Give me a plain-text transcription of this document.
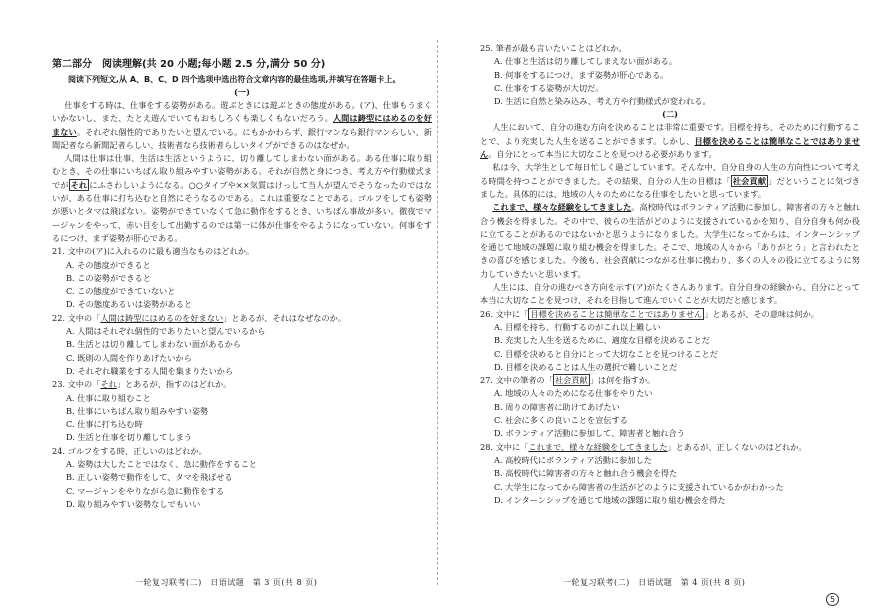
第二部分　阅读理解(共 20 小题;每小题 2.5 分,满分 50 分)
阅读下列短文,从 A、B、C、D 四个选项中选出符合文章内容的最佳选项,并填写在答题卡上。
(一)
仕事をする時は、仕事をする姿勢がある。遊ぶときには遊ぶときの態度がある。(ア)、仕事もうまくいかないし、また、たとえ遊んでいてもおもしろくも楽しくもないだろう。人間は鋳型にはめるのを好まない。それぞれ個性的でありたいと望んでいる。にもかかわらず、銀行マンなら銀行マンらしい、新聞記者なら新聞記者らしい、技術者なら技術者らしいタイプができるのはなぜか。
人間は仕事は仕事、生活は生活というように、切り離してしまわない面がある。ある仕事に取り組むとき、その仕事にいちばん取り組みやすい姿勢がある。それが自然と身につき、考え方や行動様式までが それ にふさわしいようになる。○○タイプや××気質はけっして当人が望んでそうなったのではないが、ある仕事に打ち込むと自然にそうなるのである。これは重要なことである。ゴルフをしても姿勢が悪いとタマは飛ばない。姿勢ができていなくて急に動作をするとき、いちばん事故が多い。徹夜でマージャンをやって、赤い目をして出勤するのでは第一に体が仕事をやるようになっていない。何事をするにつけ、まず姿勢が肝心である。
21. 文中の(ア)に入れるのに最も適当なものはどれか。
A. その態度ができると
B. この姿勢ができると
C. この態度ができていないと
D. その態度あるいは姿勢があると
22. 文中の「人間は鋳型にはめるのを好まない」とあるが、それはなぜなのか。
A. 人間はそれぞれ個性的でありたいと望んでいるから
B. 生活とは切り離してしまわない面があるから
C. 既則の人間を作りあげたいから
D. それぞれ職業をする人間を集まりたいから
23. 文中の「それ」とあるが、指すのはどれか。
A. 仕事に取り組むこと
B. 仕事にいちばん取り組みやすい姿勢
C. 仕事に打ち込む時
D. 生活と仕事を切り離してしまう
24. ゴルフをする時、正しいのはどれか。
A. 姿勢は大したことではなく、急に動作をすること
B. 正しい姿勢で動作をして、タマを飛ばせる
C. マージャンをやりながら急に動作をする
D. 取り組みやすい姿勢なしでもいい
25. 筆者が最も言いたいことはどれか。
A. 仕事と生活は切り離してしまえない面がある。
B. 何事をするにつけ、まず姿勢が肝心である。
C. 仕事をする姿勢が大切だ。
D. 生活に自然と染み込み、考え方や行動様式が変われる。
(二)
人生において、自分の進む方向を決めることは非常に重要です。目標を持ち、そのために行動することで、より充実した人生を送ることができます。しかし、目標を決めることは簡単なことではありません。自分にとって本当に大切なことを見つける必要があります。
私は今、大学生として毎日忙しく過ごしています。そんな中、自分自身の人生の方向性について考える時間を持つことができました。その結果、自分の人生の目標は「 社会貢献 」だということに気づきました。具体的には、地域の人々のためになる仕事をしたいと思っています。
これまで、様々な経験をしてきました。高校時代はボランティア活動に参加し、障害者の方々と触れ合う機会を得ました。その中で、彼らの生活がどのように支援されているかを知り、自分自身も何か役に立てることがあるのではないかと思うようになりました。大学生になってからは、インターンシップを通じて地域の課題に取り組む機会を得ました。そこで、地域の人々から「ありがとう」と言われたときの喜びを感じました。今後も、社会貢献につながる仕事に携わり、多くの人々の役に立てるように努力していきたいと思います。
人生には、自分の進むべき方向を示す(ア)がたくさんあります。自分自身の経験から、自分にとって本当に大切なことを見つけ、それを目指して進んでいくことが大切だと感じます。
26. 文中に「 目標を決めることは簡単なことではありません 」とあるが、その意味は何か。
A. 目標を持ち、行動するのがこれ以上難しい
B. 充実した人生を送るために、適度な目標を決めることだ
C. 目標を決めると自分にとって大切なことを見つけることだ
D. 目標を決めることは人生の選択で難しいことだ
27. 文中の筆者の「 社会貢献 」は何を指すか。
A. 地域の人々のためになる仕事をやりたい
B. 周りの障害者に助けてあげたい
C. 社会に多くの良いことを宣伝する
D. ボランティア活動に参加して、障害者と触れ合う
28. 文中に「これまで、様々な経験をしてきました」とあるが、正しくないのはどれか。
A. 高校時代にボランティア活動に参加した
B. 高校時代に障害者の方々と触れ合う機会を得た
C. 大学生になってから障害者の生活がどのように支援されているかがわかった
D. インターンシップを通じて地域の課題に取り組む機会を得た
一轮复习联考(二)　日语试题　第 3 页(共 8 页)	一轮复习联考(二)　日语试题　第 4 页(共 8 页)
5
